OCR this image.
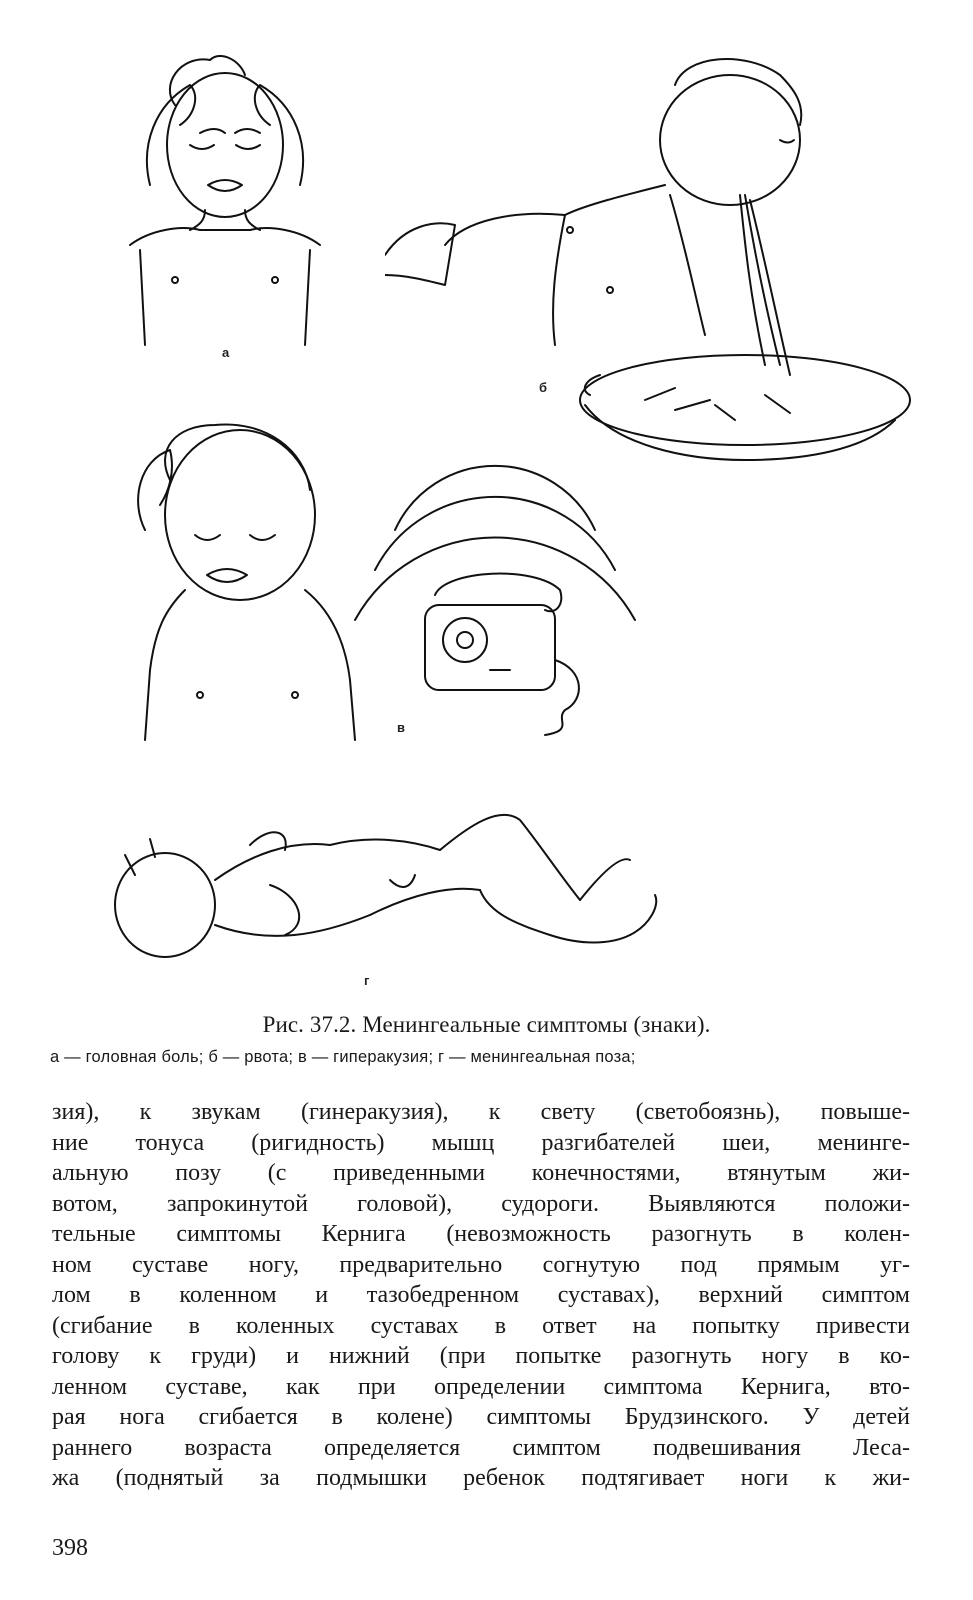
а
б
в
г
Рис. 37.2. Менингеальные симптомы (знаки).
а — головная боль; б — рвота; в — гиперакузия; г — менингеальная поза;
зия), к звукам (гинеракузия), к свету (светобоязнь), повыше-
ние тонуса (ригидность) мышц разгибателей шеи, менинге-
альную позу (с приведенными конечностями, втянутым жи-
вотом, запрокинутой головой), судороги. Выявляются положи-
тельные симптомы Кернига (невозможность разогнуть в колен-
ном суставе ногу, предварительно согнутую под прямым уг-
лом в коленном и тазобедренном суставах), верхний симптом
(сгибание в коленных суставах в ответ на попытку привести
голову к груди) и нижний (при попытке разогнуть ногу в ко-
ленном суставе, как при определении симптома Кернига, вто-
рая нога сгибается в колене) симптомы Брудзинского. У детей
раннего возраста определяется симптом подвешивания Леса-
жа (поднятый за подмышки ребенок подтягивает ноги к жи-
398
